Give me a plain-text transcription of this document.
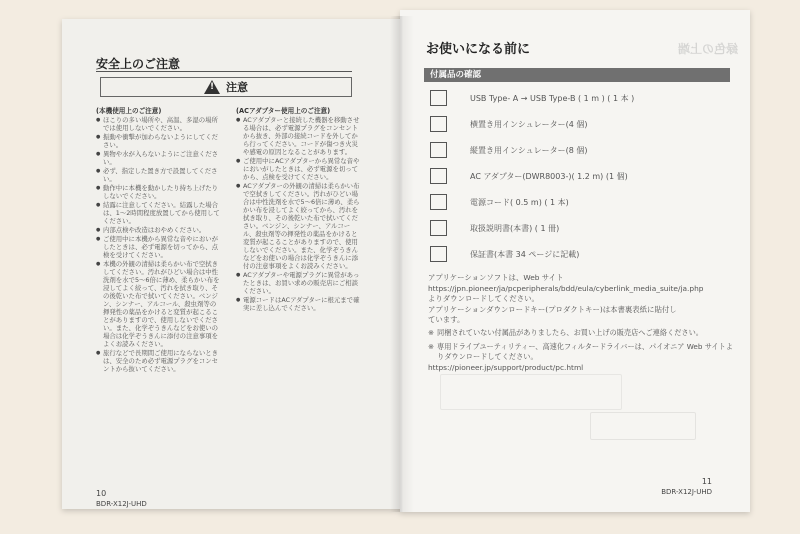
安全上のご注意
! 注意
(本機使用上のご注意)
● ほこりの多い場所や、高温、多湿の場所では使用しないでください。
● 振動や衝撃が加わらないようにしてください。
● 異物や水が入らないようにご注意ください。
● 必ず、指定した置き方で設置してください。
● 動作中に本機を動かしたり持ち上げたりしないでください。
● 結露に注意してください。結露した場合は、1〜2時間程度放置してから使用してください。
● 内部点検や改造はおやめください。
● ご使用中に本機から異常な音やにおいがしたときは、必ず電源を切ってから、点検を受けてください。
● 本機の外観の清掃は柔らかい布で空拭きしてください。汚れがひどい場合は中性洗剤を水で5〜6倍に薄め、柔らかい布を浸してよく絞って、汚れを拭き取り、その後乾いた布で拭いてください。ベンジン、シンナー、アルコール、殺虫剤等の揮発性の薬品をかけると変質が起こることがありますので、使用しないでください。また、化学ぞうきんなどをお使いの場合は化学ぞうきんに添付の注意事項をよくお読みください。
● 旅行などで長期間ご使用にならないときは、安全のため必ず電源プラグをコンセントから抜いてください。
(ACアダプター使用上のご注意)
● ACアダプターと接続した機器を移動させる場合は、必ず電源プラグをコンセントから抜き、外部の接続コードを外してから行ってください。コードが傷つき火災や感電の原因となることがあります。
● ご使用中にACアダプターから異常な音やにおいがしたときは、必ず電源を切ってから、点検を受けてください。
● ACアダプターの外観の清掃は柔らかい布で空拭きしてください。汚れがひどい場合は中性洗剤を水で5〜6倍に薄め、柔らかい布を浸してよく絞ってから、汚れを拭き取り、その後乾いた布で拭いてください。ベンジン、シンナー、アルコール、殺虫剤等の揮発性の薬品をかけると変質が起こることがありますので、使用しないでください。また、化学ぞうきんなどをお使いの場合は化学ぞうきんに添付の注意事項をよくお読みください。
● ACアダプターや電源プラグに異常があったときは、お買い求めの販売店にご相談ください。
● 電源コードはACアダプターに根元まで確実に差し込んでください。
10
BDR-X12J-UHD
お使いになる前に	緑色の上端
付属品の確認
USB Type- A → USB Type-B ( 1 m ) ( 1 本 )
横置き用インシュレーター(4 個)
縦置き用インシュレーター(8 個)
AC アダプター(DWR8003-)( 1.2 m) (1 個)
電源コード( 0.5 m) ( 1 本)
取扱説明書(本書) ( 1 冊)
保証書(本書 34 ページに記載)

アプリケーションソフトは、Web サイト

https://jpn.pioneer/ja/pcperipherals/bdd/eula/cyberlink_media_suite/ja.php

よりダウンロードしてください。

アプリケーションダウンロードキー(プロダクトキー)は本書裏表紙に貼付し

ています。

※ 同梱されていない付属品がありましたら、お買い上げの販売店へご連絡ください。
※ 専用ドライブユーティリティー、高速化フィルタードライバーは、パイオニア Web サイトよりダウンロードしてください。
https://pioneer.jp/support/product/pc.html
11
BDR-X12J-UHD
